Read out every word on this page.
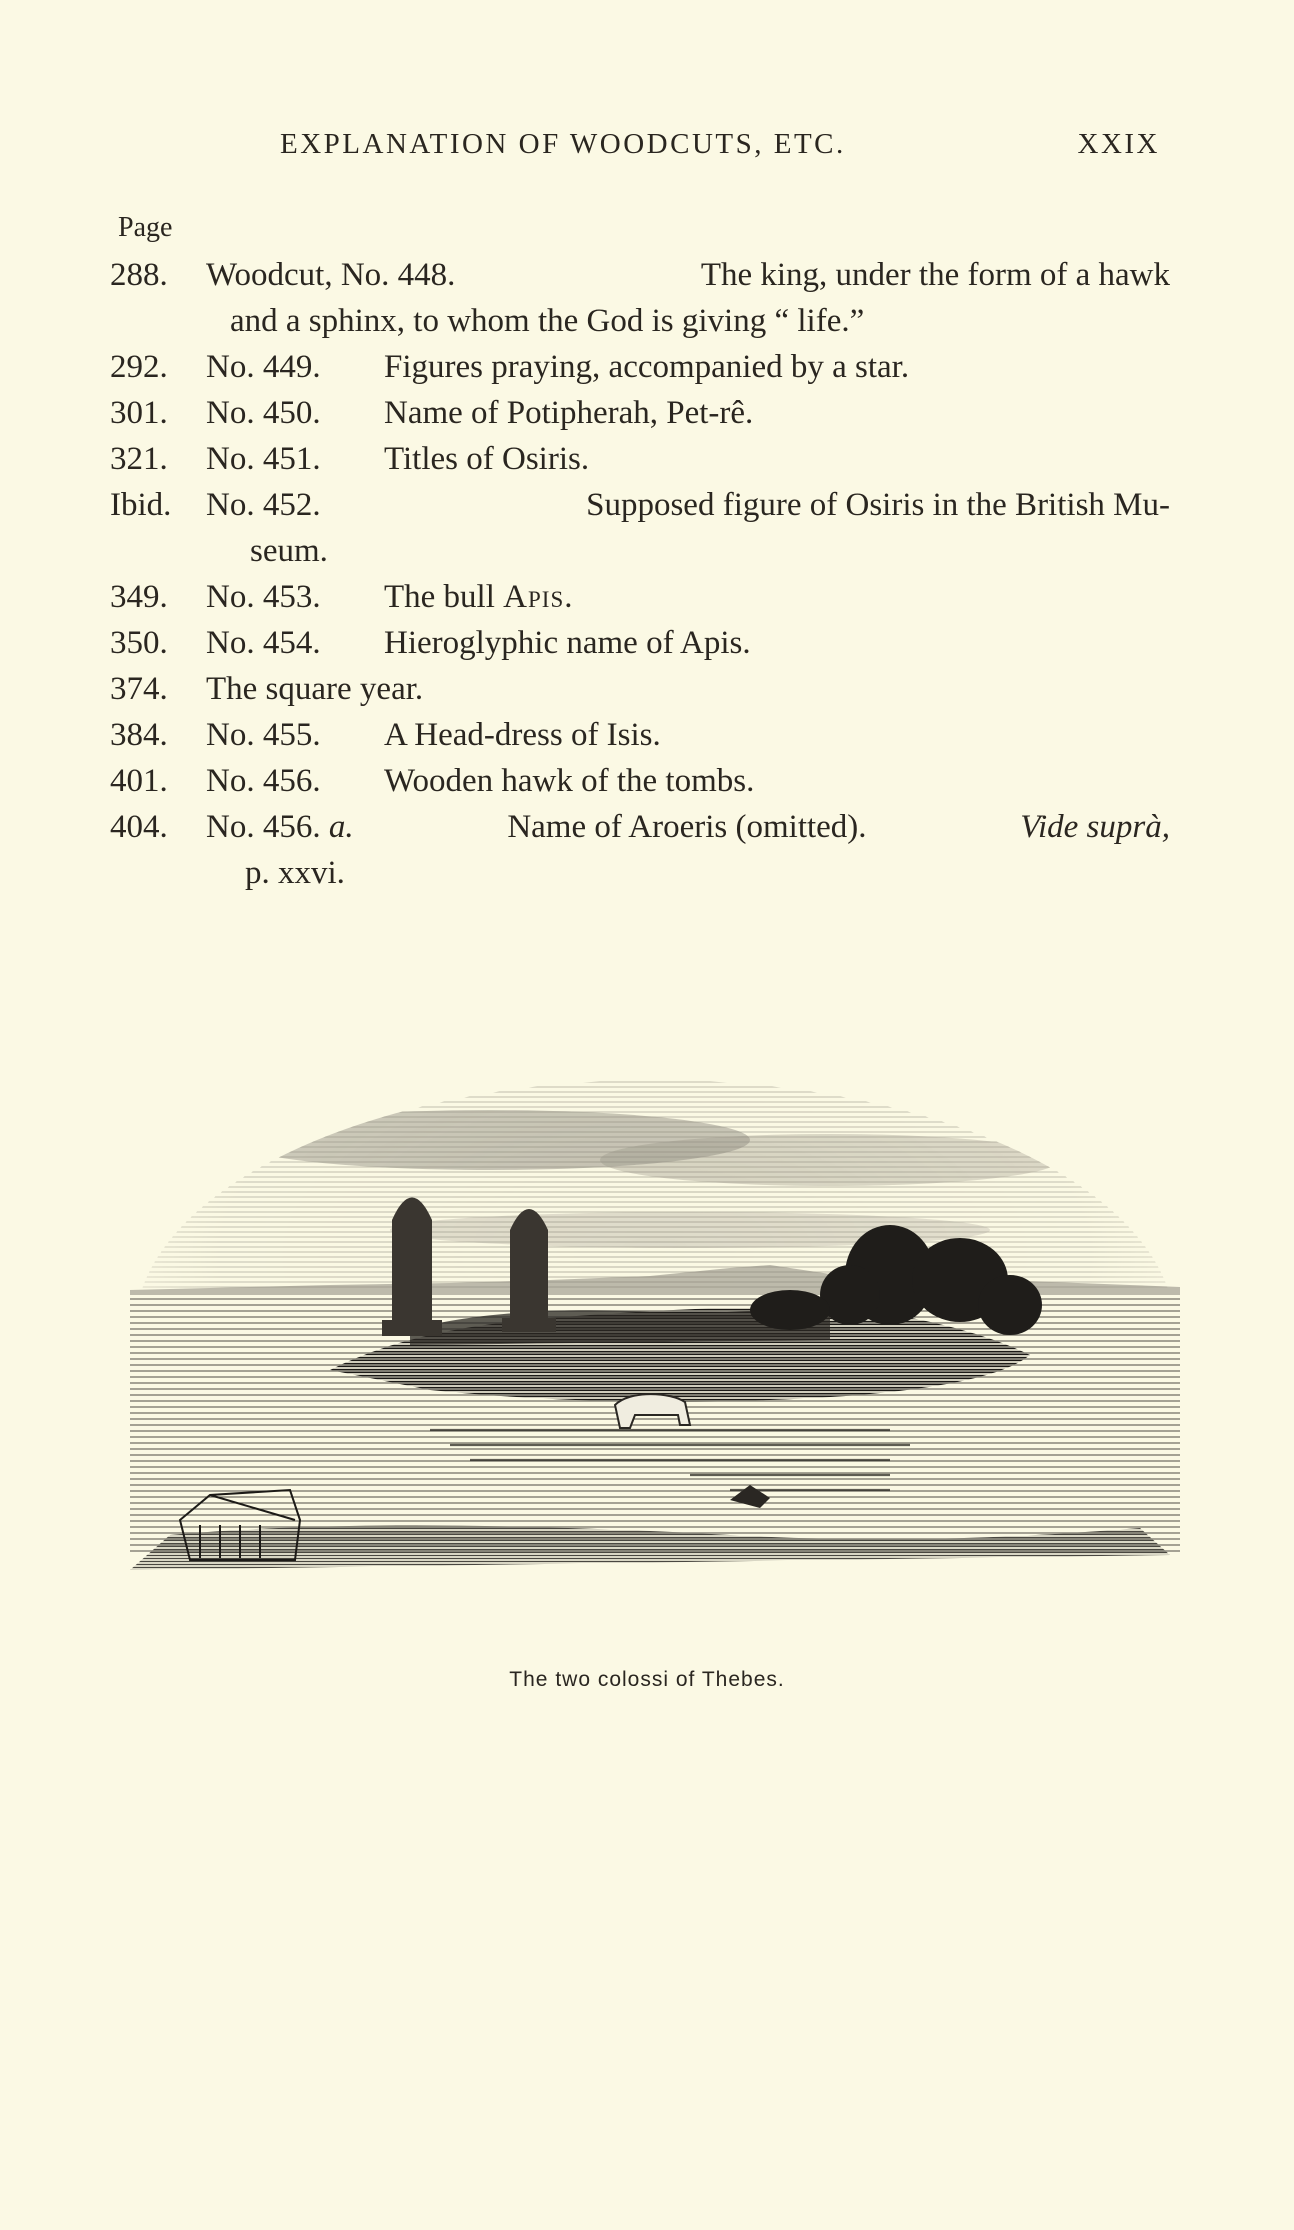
EXPLANATION OF WOODCUTS, ETC.	XXIX
Page
288.	Woodcut, No. 448.	The king, under the form of a hawk
and a sphinx, to whom the God is giving “ life.”
292.	No. 449. Figures praying, accompanied by a star.
301.	No. 450. Name of Potipherah, Pet-rê.
321.	No. 451. Titles of Osiris.
Ibid.	No. 452.	Supposed figure of Osiris in the British Mu-
seum.
349.	No. 453. The bull Apis.
350.	No. 454. Hieroglyphic name of Apis.
374.	The square year.
384.	No. 455. A Head-dress of Isis.
401.	No. 456. Wooden hawk of the tombs.
404.	No. 456. a.	Name of Aroeris (omitted).	Vide suprà,
p. xxvi.
The two colossi of Thebes.
